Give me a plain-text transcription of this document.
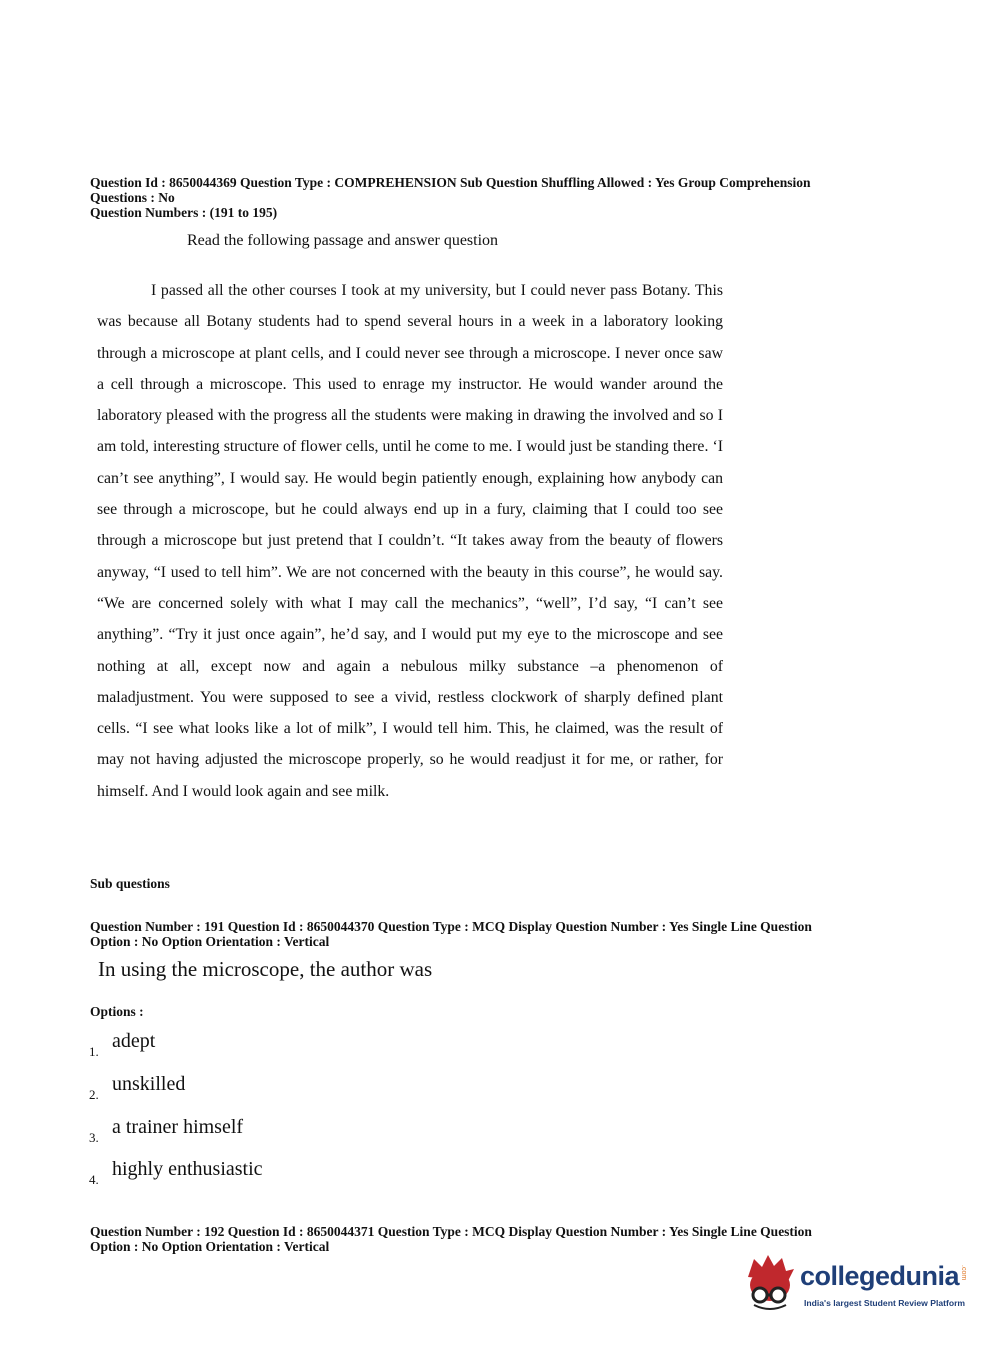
Question Id : 8650044369 Question Type : COMPREHENSION Sub Question Shuffling Allowed : Yes Group Comprehension
Questions : No
Question Numbers : (191 to 195)
Read the following passage and answer question

I passed all the other courses I took at my university, but I could never pass Botany. This was because all Botany students had to spend several hours in a week in a laboratory looking through a microscope at plant cells, and I could never see through a microscope. I never once saw a cell through a microscope. This used to enrage my instructor. He would wander around the laboratory pleased with the progress all the students were making in drawing the involved and so I am told, interesting structure of flower cells, until he come to me. I would just be standing there. ‘I can’t see anything”, I would say. He would begin patiently enough, explaining how anybody can see through a microscope, but he could always end up in a fury, claiming that I could too see through a microscope but just pretend that I couldn’t. “It takes away from the beauty of flowers anyway, “I used to tell him”. We are not concerned with the beauty in this course”, he would say. “We are concerned solely with what I may call the mechanics”, “well”, I’d say, “I can’t see anything”. “Try it just once again”, he’d say, and I would put my eye to the microscope and see nothing at all, except now and again a nebulous milky substance –a phenomenon of maladjustment. You were supposed to see a vivid, restless clockwork of sharply defined plant cells. “I see what looks like a lot of milk”, I would tell him. This, he claimed, was the result of may not having adjusted the microscope properly, so he would readjust it for me, or rather, for himself. And I would look again and see milk.

Sub questions
Question Number : 191 Question Id : 8650044370 Question Type : MCQ Display Question Number : Yes Single Line Question
Option : No Option Orientation : Vertical
In using the microscope, the author was
Options :
1. adept
2. unskilled
3. a trainer himself
4. highly enthusiastic
Question Number : 192 Question Id : 8650044371 Question Type : MCQ Display Question Number : Yes Single Line Question
Option : No Option Orientation : Vertical
collegedunia .com
India's largest Student Review Platform
